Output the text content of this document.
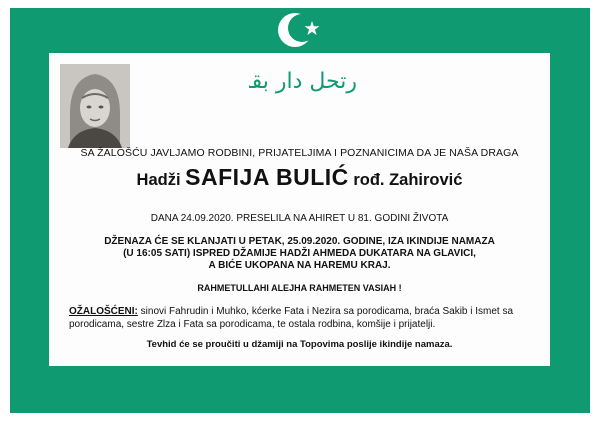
ارتحل دار بقا
SA ŽALOŠĆU JAVLJAMO RODBINI, PRIJATELJIMA I POZNANICIMA DA JE NAŠA DRAGA
Hadži SAFIJA BULIĆ rođ. Zahirović
DANA 24.09.2020. PRESELILA NA AHIRET U 81. GODINI ŽIVOTA
DŽENAZA ĆE SE KLANJATI U PETAK, 25.09.2020. GODINE, IZA IKINDIJE NAMAZA
(U 16:05 SATI) ISPRED DŽAMIJE HADŽI AHMEDA DUKATARA NA GLAVICI,
A BIĆE UKOPANA NA HAREMU KRAJ.
RAHMETULLAHI ALEJHA RAHMETEN VASIAH !
OŽALOŠĆENI: sinovi Fahrudin i Muhko, kćerke Fata i Nezira sa porodicama, braća Sakib i Ismet sa porodicama, sestre Zlza i Fata sa porodicama, te ostala rodbina, komšije i prijatelji.
Tevhid će se proučiti u džamiji na Topovima poslije ikindije namaza.
